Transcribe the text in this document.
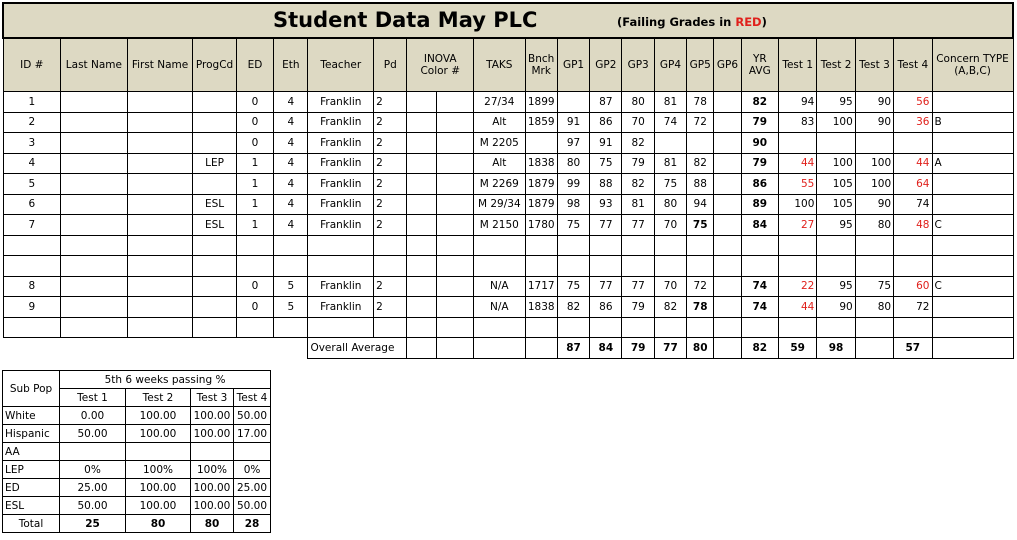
Student Data May PLC (Failing Grades in RED)																							

ID #	Last Name	First Name	ProgCd	ED	Eth	Teacher	Pd	INOVA
Color #		TAKS	Bnch
Mrk	GP1	GP2	GP3	GP4	GP5	GP6	YR
AVG	Test 1	Test 2	Test 3	Test 4	Concern TYPE
(A,B,C)
1				0	4	Franklin	2			27/34	1899		87	80	81	78		82	94	95	90	56	
2				0	4	Franklin	2			Alt	1859	91	86	70	74	72		79	83	100	90	36	B
3				0	4	Franklin	2			M 2205		97	91	82				90					
4			LEP	1	4	Franklin	2			Alt	1838	80	75	79	81	82		79	44	100	100	44	A
5				1	4	Franklin	2			M 2269	1879	99	88	82	75	88		86	55	105	100	64	
6			ESL	1	4	Franklin	2			M 29/34	1879	98	93	81	80	94		89	100	105	90	74	
7			ESL	1	4	Franklin	2			M 2150	1780	75	77	77	70	75		84	27	95	80	48	C

8				0	5	Franklin	2			N/A	1717	75	77	77	70	72		74	22	95	75	60	C
9				0	5	Franklin	2			N/A	1838	82	86	79	82	78		74	44	90	80	72	

						Overall Average						87	84	79	77	80		82	59	98		57	
Sub Pop	5th 6 weeks passing %			
	Test 1	Test 2	Test 3	Test 4
White	0.00	100.00	100.00	50.00
Hispanic	50.00	100.00	100.00	17.00
AA				
LEP	0%	100%	100%	0%
ED	25.00	100.00	100.00	25.00
ESL	50.00	100.00	100.00	50.00
Total	25	80	80	28
